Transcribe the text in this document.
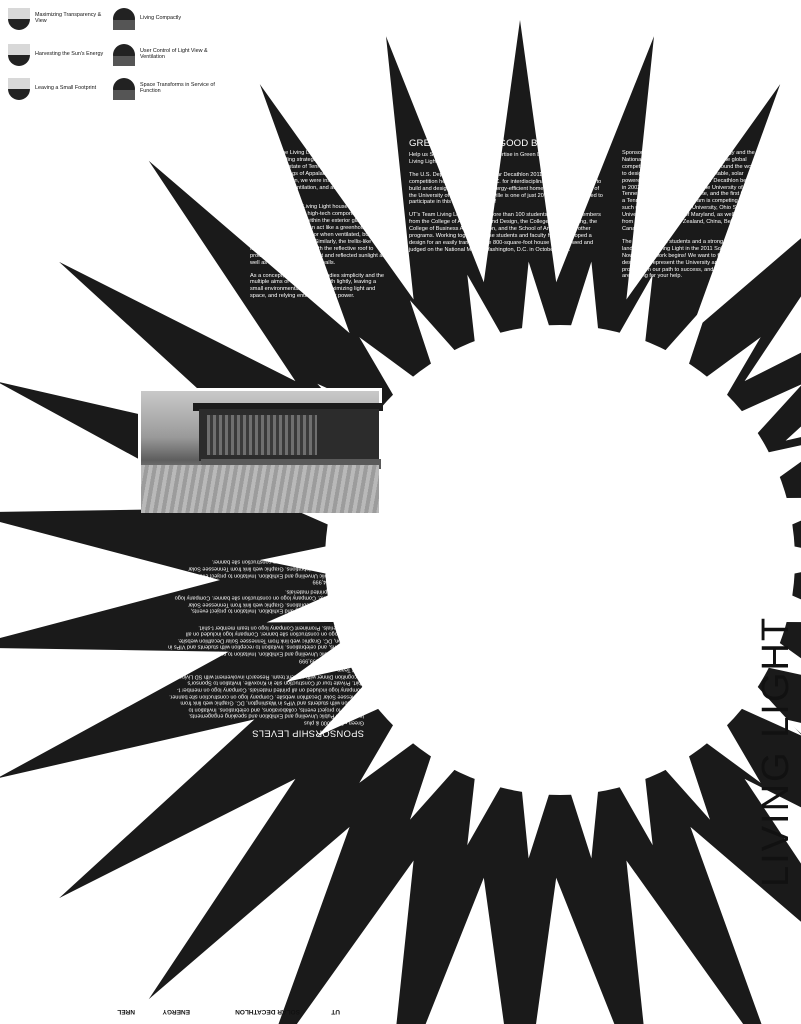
Maximizing Transparency & View	Living Compactly
Harvesting the Sun's Energy	User Control of Light View & Ventilation
Leaving a Small Footprint	Space Transforms in Service of Function

Our design, the Living Light house, builds upon traditional building strategies and the history of energy research in the state of Tennessee. From the traditional buildings of Appalachia, the dogtrot house and cantilever barn, we were inspired to incorporate daylight, natural ventilation, and adaptability to natural conditions.

Many features of the Living Light house combine these low-tech solutions with high-tech components. For example, the airspace within the exterior glass walls of the Living Light house can act like a greenhouse to warm the home in winter, or when ventilated, buffer against the summer heat. Similarly, the trellis-like tubular solar array works with the reflective roof to produce electricity from direct and reflected sunlight as well as shading the roof and walls.

As a concept, Living Light embodies simplicity and the multiple aims of touching the earth lightly, leaving a small environmental footprint, maximizing light and space, and relying entirely on solar power.

GREEN DESIGN IS GOOD BUSINESS
Help us Showcase Tennessee's Expertise in Green Design by Supporting the Living Light Team.

The U.S. Department of Energy Solar Decathlon 2011 is an international competition held in Washington, D.C. for interdisciplinary student-led teams to build and design solar-powered, energy-efficient homes. Team Living Light of the University of Tennessee, Knoxville is one of just 20 competitors selected to participate in this prestigious event!

UT's Team Living Light involves more than 100 students and faculty members from the College of Architecture and Design, the College of Engineering, the College of Business Administration, and the School of Art as well as other programs. Working together, these students and faculty have developed a design for an easily transportable 800-square-foot house to be viewed and judged on the National Mall in Washington, D.C. in October 2011.

Sponsored by the U.S. Department of Energy and the National Renewable Energy Laboratory, the global competition challenges students from around the world to design and build functioning, marketable, solar powered houses. Although the Solar Decathlon began in 2002, this marks the first time the University of Tennessee, Knoxville will compete, and the first time for a Tennessee university. Our team is competing against such universities as Purdue University, Ohio State University, the University of Maryland, as well as teams from universities in New Zealand, China, Belgiumand Canada.

The efforts of UT's students and a strong proposal landed Team Living Light in the 2011 Solar Decathlon. Now the real work begins! We want to fully execute our design and represent the University and Tennessee proudly! On our path to success, and a hopeful win, we are asking for your help.

SPONSORSHIP LEVELS
Green • $100,000 & plus
Invitation to Public Unveiling and Exhibition and speaking engagements. Invitation to project events, collaborations, and celebrations. Invitation to reception with students and VIPs in Washington, DC. Graphic web link from Tennessee Solar Decathlon website. Company logo on construction site banner. Company logo included on all printed materials. Company logo on member t-shirt. Private tour of Construction site in Knoxville. Invitation to Sponsor's Recognition Dinner with student team. Research involvement with SD Living Light Team.
Orange • $50,000-$99,999
Invitation to Public Unveiling and Exhibition. Invitation to project events, collaborations, and celebrations. Invitation to reception with students and VIPs in Washington, DC. Graphic web link from Tennessee Solar Decathlon website. Company logo on construction site banner. Company logo included on all printed materials. Prominent Company logo on team member t-shirt.
White • $25,000-49,999
Invitation to Public Unveiling and Exhibition. Invitation to project events, collaborations, and celebrations. Graphic web link from Tennessee Solar Decathlon website. Company logo on construction site banner. Company logo included on all printed materials.
Blue • $1,000-24,999
Invitation to Public Unveiling and Exhibition. Invitation to project events, collaborations, and celebrations. Graphic web link from Tennessee Solar Decathlon website. Company logo on construction site banner.
LIVING LIGHT
UT
SOLAR DECATHLON
ENERGY
NREL
